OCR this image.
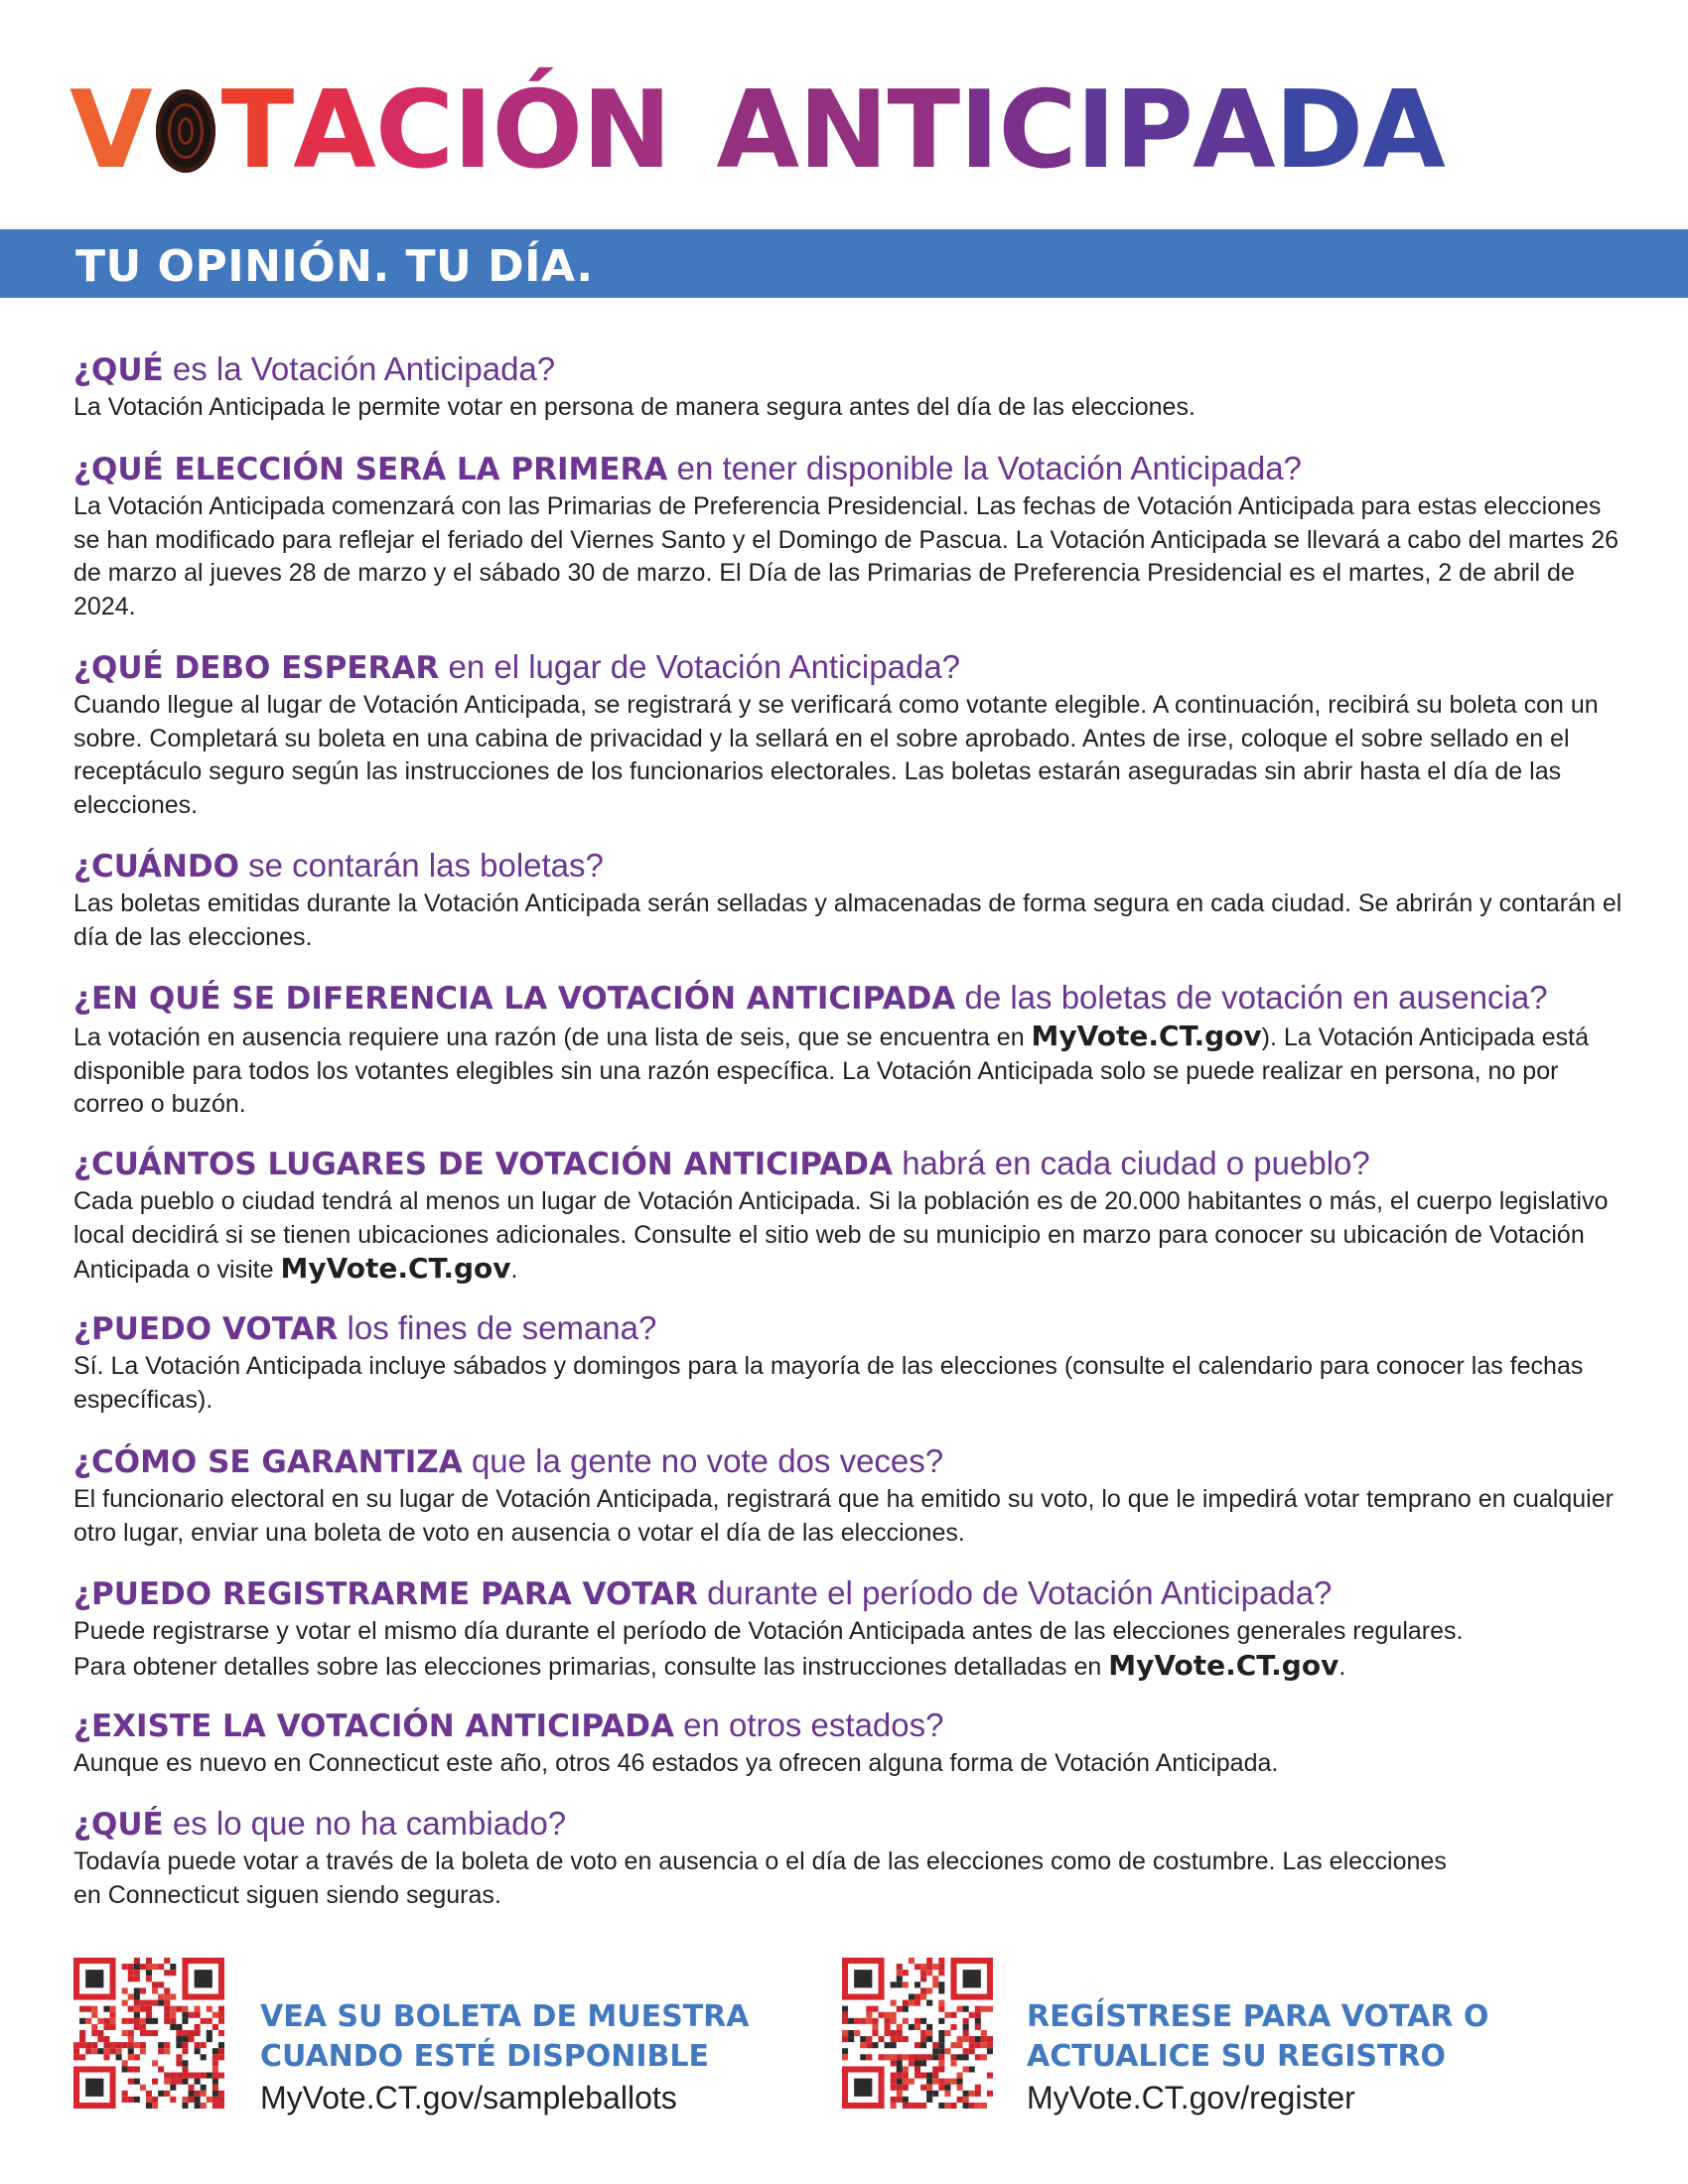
V T A C I Ó N ANTICIPADA
TU OPINIÓN. TU DÍA.
¿QUÉ es la Votación Anticipada?
La Votación Anticipada le permite votar en persona de manera segura antes del día de las elecciones.
¿QUÉ ELECCIÓN SERÁ LA PRIMERA en tener disponible la Votación Anticipada?
La Votación Anticipada comenzará con las Primarias de Preferencia Presidencial. Las fechas de Votación Anticipada para estas elecciones se han modificado para reflejar el feriado del Viernes Santo y el Domingo de Pascua. La Votación Anticipada se llevará a cabo del martes 26 de marzo al jueves 28 de marzo y el sábado 30 de marzo. El Día de las Primarias de Preferencia Presidencial es el martes, 2 de abril de 2024.
¿QUÉ DEBO ESPERAR en el lugar de Votación Anticipada?
Cuando llegue al lugar de Votación Anticipada, se registrará y se verificará como votante elegible. A continuación, recibirá su boleta con un sobre. Completará su boleta en una cabina de privacidad y la sellará en el sobre aprobado. Antes de irse, coloque el sobre sellado en el receptáculo seguro según las instrucciones de los funcionarios electorales. Las boletas estarán aseguradas sin abrir hasta el día de las elecciones.
¿CUÁNDO se contarán las boletas?
Las boletas emitidas durante la Votación Anticipada serán selladas y almacenadas de forma segura en cada ciudad. Se abrirán y contarán el día de las elecciones.
¿EN QUÉ SE DIFERENCIA LA VOTACIÓN ANTICIPADA de las boletas de votación en ausencia?
La votación en ausencia requiere una razón (de una lista de seis, que se encuentra en MyVote.CT.gov). La Votación Anticipada está disponible para todos los votantes elegibles sin una razón específica. La Votación Anticipada solo se puede realizar en persona, no por correo o buzón.
¿CUÁNTOS LUGARES DE VOTACIÓN ANTICIPADA habrá en cada ciudad o pueblo?
Cada pueblo o ciudad tendrá al menos un lugar de Votación Anticipada. Si la población es de 20.000 habitantes o más, el cuerpo legislativo local decidirá si se tienen ubicaciones adicionales. Consulte el sitio web de su municipio en marzo para conocer su ubicación de Votación Anticipada o visite MyVote.CT.gov.
¿PUEDO VOTAR los fines de semana?
Sí. La Votación Anticipada incluye sábados y domingos para la mayoría de las elecciones (consulte el calendario para conocer las fechas específicas).
¿CÓMO SE GARANTIZA que la gente no vote dos veces?
El funcionario electoral en su lugar de Votación Anticipada, registrará que ha emitido su voto, lo que le impedirá votar temprano en cualquier otro lugar, enviar una boleta de voto en ausencia o votar el día de las elecciones.
¿PUEDO REGISTRARME PARA VOTAR durante el período de Votación Anticipada?
Puede registrarse y votar el mismo día durante el período de Votación Anticipada antes de las elecciones generales regulares.
Para obtener detalles sobre las elecciones primarias, consulte las instrucciones detalladas en MyVote.CT.gov.
¿EXISTE LA VOTACIÓN ANTICIPADA en otros estados?
Aunque es nuevo en Connecticut este año, otros 46 estados ya ofrecen alguna forma de Votación Anticipada.
¿QUÉ es lo que no ha cambiado?
Todavía puede votar a través de la boleta de voto en ausencia o el día de las elecciones como de costumbre. Las elecciones
en Connecticut siguen siendo seguras.
VEA SU BOLETA DE MUESTRA
CUANDO ESTÉ DISPONIBLE
MyVote.CT.gov/sampleballots
REGÍSTRESE PARA VOTAR O
ACTUALICE SU REGISTRO
MyVote.CT.gov/register
